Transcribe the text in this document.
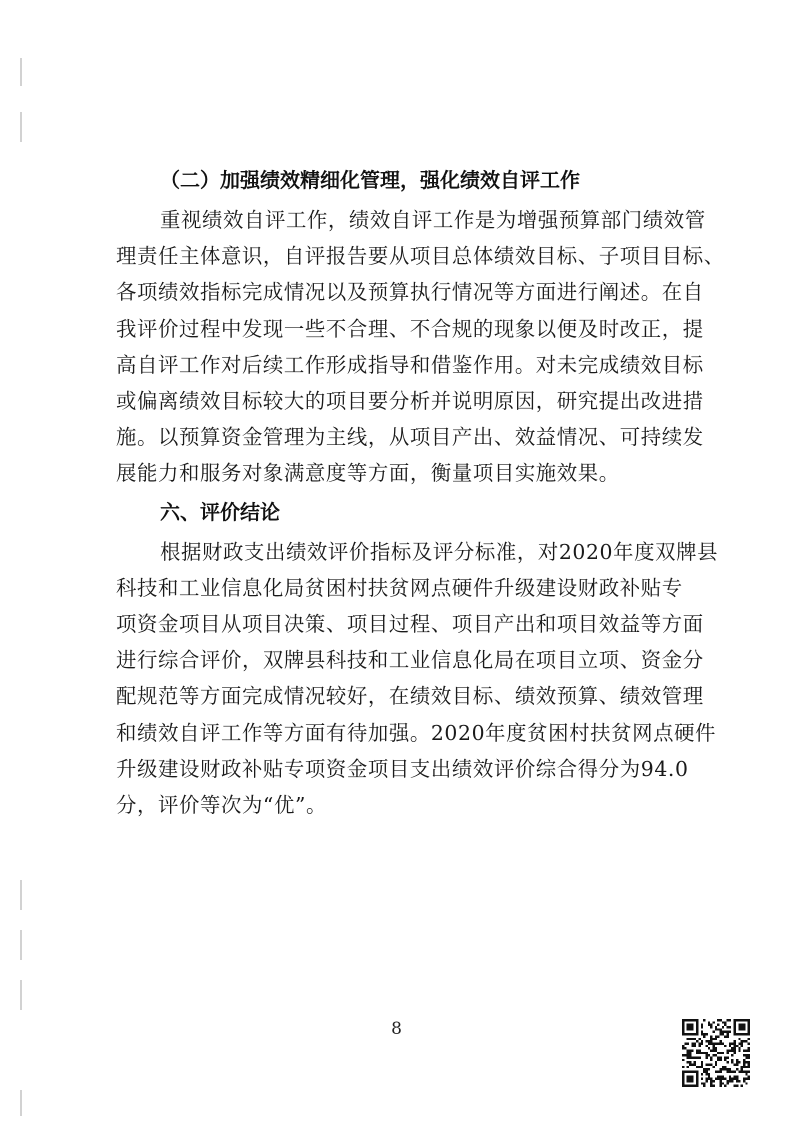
（二）加强绩效精细化管理，强化绩效自评工作

重视绩效自评工作，绩效自评工作是为增强预算部门绩效管

理责任主体意识，自评报告要从项目总体绩效目标、子项目目标、

各项绩效指标完成情况以及预算执行情况等方面进行阐述。在自

我评价过程中发现一些不合理、不合规的现象以便及时改正，提

高自评工作对后续工作形成指导和借鉴作用。对未完成绩效目标

或偏离绩效目标较大的项目要分析并说明原因，研究提出改进措

施。以预算资金管理为主线，从项目产出、效益情况、可持续发

展能力和服务对象满意度等方面，衡量项目实施效果。

六、评价结论

根据财政支出绩效评价指标及评分标准，对2020年度双牌县

科技和工业信息化局贫困村扶贫网点硬件升级建设财政补贴专

项资金项目从项目决策、项目过程、项目产出和项目效益等方面

进行综合评价，双牌县科技和工业信息化局在项目立项、资金分

配规范等方面完成情况较好，在绩效目标、绩效预算、绩效管理

和绩效自评工作等方面有待加强。2020年度贫困村扶贫网点硬件

升级建设财政补贴专项资金项目支出绩效评价综合得分为94.0

分，评价等次为“优”。

8
